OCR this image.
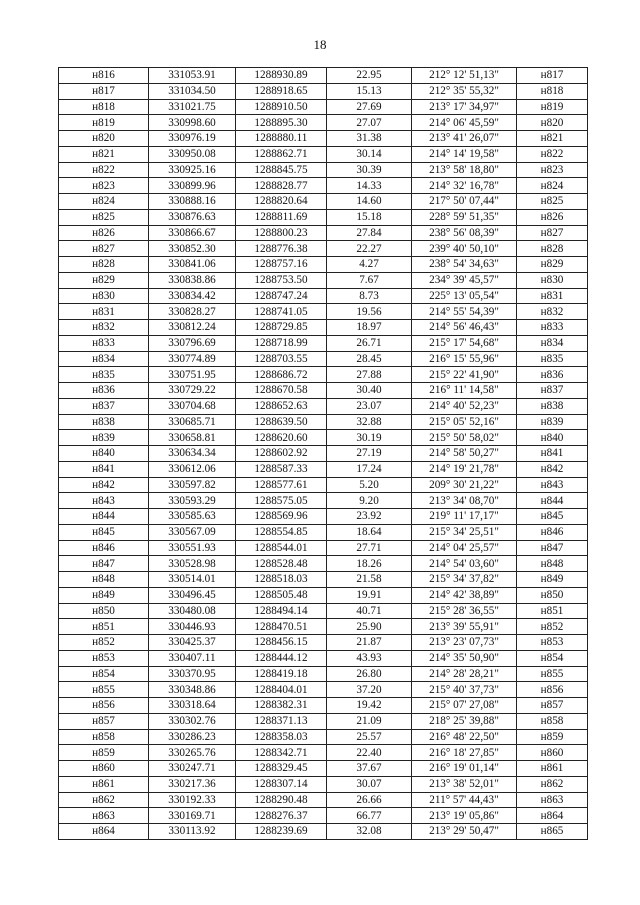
18
н816	331053.91	1288930.89	22.95	212° 12' 51,13"	н817
н817	331034.50	1288918.65	15.13	212° 35' 55,32"	н818
н818	331021.75	1288910.50	27.69	213° 17' 34,97"	н819
н819	330998.60	1288895.30	27.07	214° 06' 45,59"	н820
н820	330976.19	1288880.11	31.38	213° 41' 26,07"	н821
н821	330950.08	1288862.71	30.14	214° 14' 19,58"	н822
н822	330925.16	1288845.75	30.39	213° 58' 18,80"	н823
н823	330899.96	1288828.77	14.33	214° 32' 16,78"	н824
н824	330888.16	1288820.64	14.60	217° 50' 07,44"	н825
н825	330876.63	1288811.69	15.18	228° 59' 51,35"	н826
н826	330866.67	1288800.23	27.84	238° 56' 08,39"	н827
н827	330852.30	1288776.38	22.27	239° 40' 50,10"	н828
н828	330841.06	1288757.16	4.27	238° 54' 34,63"	н829
н829	330838.86	1288753.50	7.67	234° 39' 45,57"	н830
н830	330834.42	1288747.24	8.73	225° 13' 05,54"	н831
н831	330828.27	1288741.05	19.56	214° 55' 54,39"	н832
н832	330812.24	1288729.85	18.97	214° 56' 46,43"	н833
н833	330796.69	1288718.99	26.71	215° 17' 54,68"	н834
н834	330774.89	1288703.55	28.45	216° 15' 55,96"	н835
н835	330751.95	1288686.72	27.88	215° 22' 41,90"	н836
н836	330729.22	1288670.58	30.40	216° 11' 14,58"	н837
н837	330704.68	1288652.63	23.07	214° 40' 52,23"	н838
н838	330685.71	1288639.50	32.88	215° 05' 52,16"	н839
н839	330658.81	1288620.60	30.19	215° 50' 58,02"	н840
н840	330634.34	1288602.92	27.19	214° 58' 50,27"	н841
н841	330612.06	1288587.33	17.24	214° 19' 21,78"	н842
н842	330597.82	1288577.61	5.20	209° 30' 21,22"	н843
н843	330593.29	1288575.05	9.20	213° 34' 08,70"	н844
н844	330585.63	1288569.96	23.92	219° 11' 17,17"	н845
н845	330567.09	1288554.85	18.64	215° 34' 25,51"	н846
н846	330551.93	1288544.01	27.71	214° 04' 25,57"	н847
н847	330528.98	1288528.48	18.26	214° 54' 03,60"	н848
н848	330514.01	1288518.03	21.58	215° 34' 37,82"	н849
н849	330496.45	1288505.48	19.91	214° 42' 38,89"	н850
н850	330480.08	1288494.14	40.71	215° 28' 36,55"	н851
н851	330446.93	1288470.51	25.90	213° 39' 55,91"	н852
н852	330425.37	1288456.15	21.87	213° 23' 07,73"	н853
н853	330407.11	1288444.12	43.93	214° 35' 50,90"	н854
н854	330370.95	1288419.18	26.80	214° 28' 28,21"	н855
н855	330348.86	1288404.01	37.20	215° 40' 37,73"	н856
н856	330318.64	1288382.31	19.42	215° 07' 27,08"	н857
н857	330302.76	1288371.13	21.09	218° 25' 39,88"	н858
н858	330286.23	1288358.03	25.57	216° 48' 22,50"	н859
н859	330265.76	1288342.71	22.40	216° 18' 27,85"	н860
н860	330247.71	1288329.45	37.67	216° 19' 01,14"	н861
н861	330217.36	1288307.14	30.07	213° 38' 52,01"	н862
н862	330192.33	1288290.48	26.66	211° 57' 44,43"	н863
н863	330169.71	1288276.37	66.77	213° 19' 05,86"	н864
н864	330113.92	1288239.69	32.08	213° 29' 50,47"	н865
